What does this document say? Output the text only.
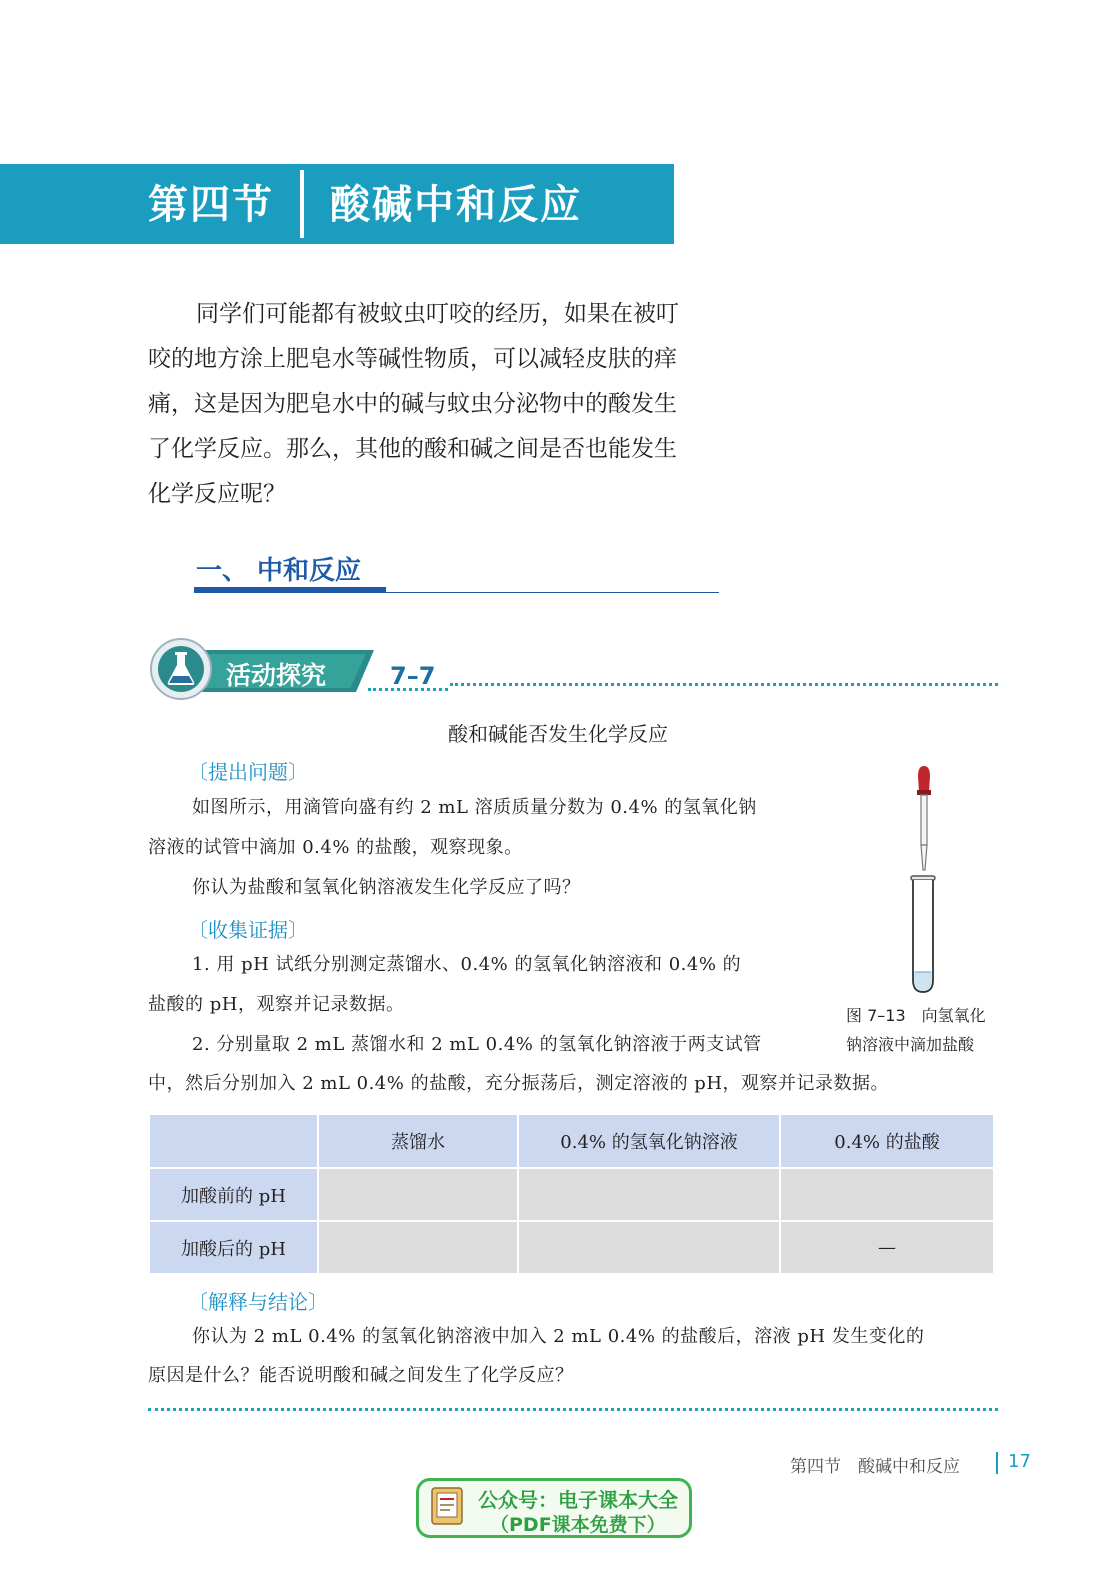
第四节 酸碱中和反应
同学们可能都有被蚊虫叮咬的经历，如果在被叮
咬的地方涂上肥皂水等碱性物质，可以减轻皮肤的痒
痛，这是因为肥皂水中的碱与蚊虫分泌物中的酸发生
了化学反应。那么，其他的酸和碱之间是否也能发生
化学反应呢？
一、 中和反应
活动探究	7–7
酸和碱能否发生化学反应
〔提出问题〕
如图所示，用滴管向盛有约 2 mL 溶质质量分数为 0.4% 的氢氧化钠
溶液的试管中滴加 0.4% 的盐酸，观察现象。
你认为盐酸和氢氧化钠溶液发生化学反应了吗？
〔收集证据〕
1. 用 pH 试纸分别测定蒸馏水、0.4% 的氢氧化钠溶液和 0.4% 的
盐酸的 pH，观察并记录数据。
2. 分别量取 2 mL 蒸馏水和 2 mL 0.4% 的氢氧化钠溶液于两支试管
中，然后分别加入 2 mL 0.4% 的盐酸，充分振荡后，测定溶液的 pH，观察并记录数据。
图 7–13　向氢氧化
钠溶液中滴加盐酸
	蒸馏水	0.4% 的氢氧化钠溶液	0.4% 的盐酸
加酸前的 pH			
加酸后的 pH			—
〔解释与结论〕
你认为 2 mL 0.4% 的氢氧化钠溶液中加入 2 mL 0.4% 的盐酸后，溶液 pH 发生变化的
原因是什么？能否说明酸和碱之间发生了化学反应？
第四节　酸碱中和反应	17
公众号：电子课本大全
（PDF课本免费下）
